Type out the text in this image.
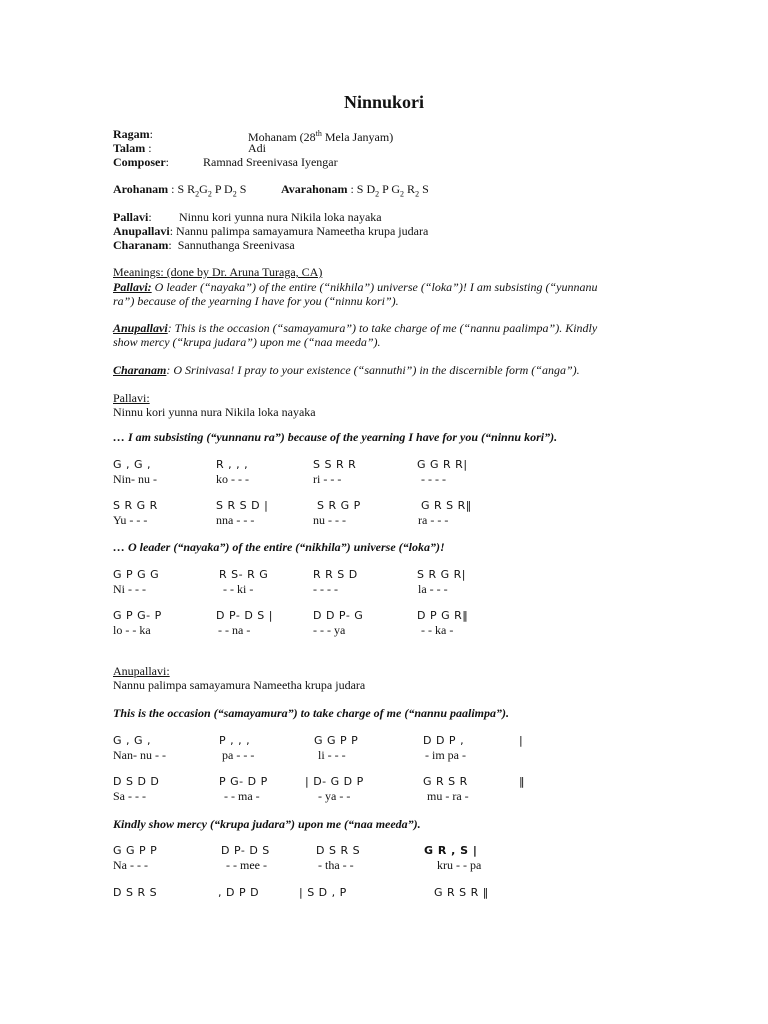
Ninnukori
Ragam:	Mohanam (28th Mela Janyam)
Talam :	Adi
Composer:	Ramnad Sreenivasa Iyengar
Arohanam : S $R_2G_2$ P $D_2$ S	Avarahonam : S $D_2$ P $G_2$ $R_2$ S
Pallavi: Ninnu kori yunna nura Nikila loka nayaka
Anupallavi: Nannu palimpa samayamura Nameetha krupa judara
Charanam:  Sannuthanga Sreenivasa
Meanings: (done by Dr. Aruna Turaga, CA)
Pallavi: O leader (“nayaka”) of the entire (“nikhila”) universe (“loka”)! I am subsisting (“yunnanu
ra”) because of the yearning I have for you (“ninnu kori”).
Anupallavi: This is the occasion (“samayamura”) to take charge of me (“nannu paalimpa”). Kindly
show mercy (“krupa judara”) upon me (“naa meeda”).
Charanam: O Srinivasa! I pray to your existence (“sannuthi”) in the discernible form (“anga”).
Pallavi:
Ninnu kori yunna nura Nikila loka nayaka
… I am subsisting (“yunnanu ra”) because of the yearning I have for you (“ninnu kori”).
G , G ,	R , , ,	S S R R	G G R R|
Nin- nu -	ko - - -	ri - - -	- - - -
S R G R	S R S D |	S R G P	G R S R‖
Yu - - -	nna - - -	nu - - -	ra - - -
… O leader (“nayaka”) of the entire (“nikhila”) universe (“loka”)!
G P G G	R S- R G	R R S D	S R G R|
Ni - - -	- - ki -	- - - -	la - - -
G P G- P	D P- D S |	D D P- G	D P G R‖
lo - - ka	- - na -	- - - ya	- - ka -
Anupallavi:
Nannu palimpa samayamura Nameetha krupa judara
This is the occasion (“samayamura”) to take charge of me (“nannu paalimpa”).
G , G ,	P , , ,	G G P P	D D P ,	|
Nan- nu - -	pa - - -	li - - -	- im pa -
D S D D	P G- D P	| D- G D P	G R S R	‖
Sa - - -	- - ma -	- ya - -	mu - ra -
Kindly show mercy (“krupa judara”) upon me (“naa meeda”).
G G P P	D P- D S	D S R S	G R , S |
Na - - -	- - mee -	- tha - -	kru - - pa
D S R S	, D P D	| S D , P	G R S R ‖
